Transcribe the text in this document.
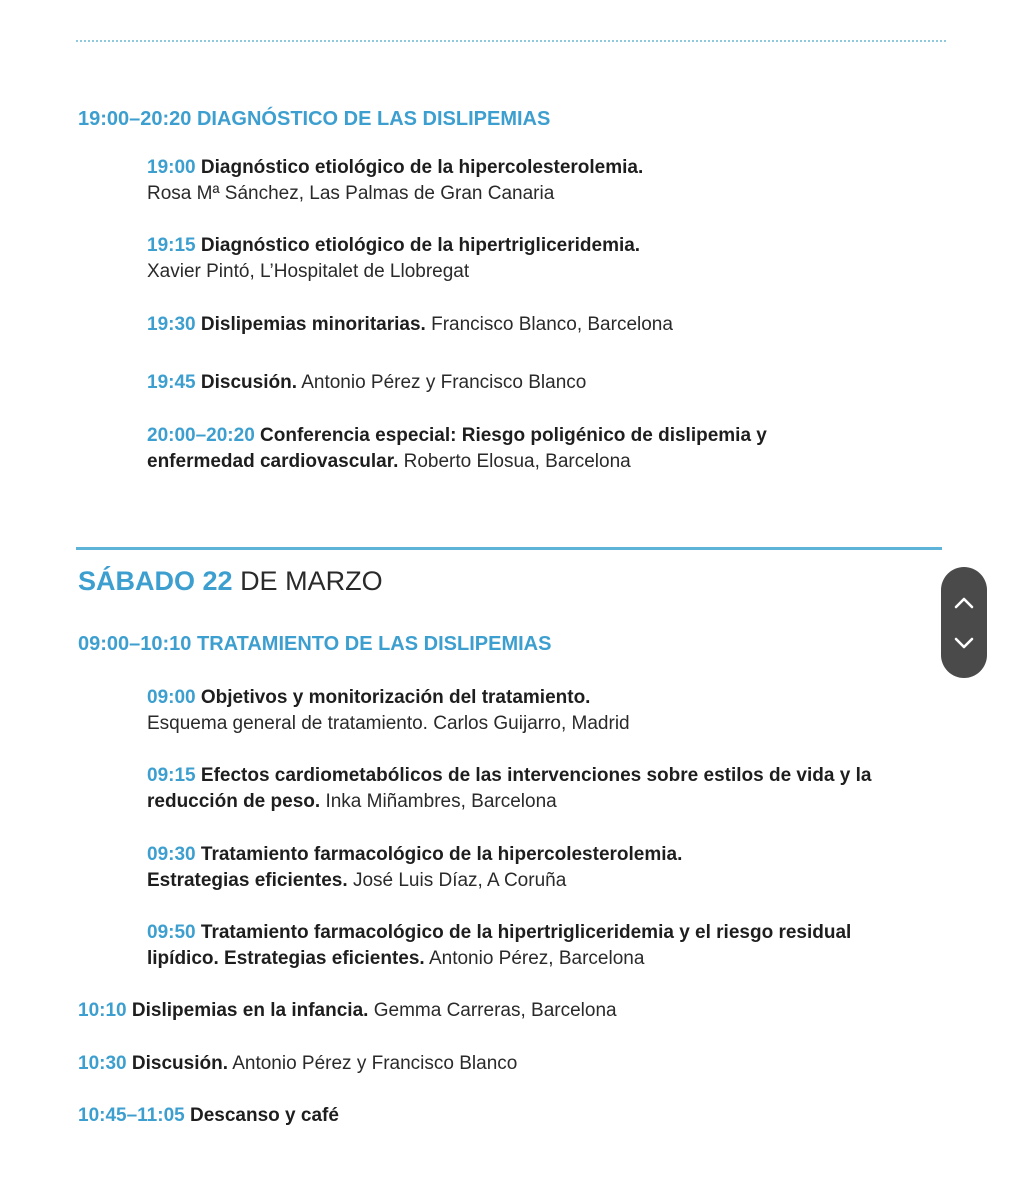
19:00–20:20 DIAGNÓSTICO DE LAS DISLIPEMIAS
19:00 Diagnóstico etiológico de la hipercolesterolemia.
Rosa Mª Sánchez, Las Palmas de Gran Canaria
19:15 Diagnóstico etiológico de la hipertrigliceridemia.
Xavier Pintó, L’Hospitalet de Llobregat
19:30 Dislipemias minoritarias. Francisco Blanco, Barcelona
19:45 Discusión. Antonio Pérez y Francisco Blanco
20:00–20:20 Conferencia especial: Riesgo poligénico de dislipemia y
enfermedad cardiovascular. Roberto Elosua, Barcelona
SÁBADO 22 DE MARZO
09:00–10:10 TRATAMIENTO DE LAS DISLIPEMIAS
09:00 Objetivos y monitorización del tratamiento.
Esquema general de tratamiento. Carlos Guijarro, Madrid
09:15 Efectos cardiometabólicos de las intervenciones sobre estilos de vida y la
reducción de peso. Inka Miñambres, Barcelona
09:30 Tratamiento farmacológico de la hipercolesterolemia.
Estrategias eficientes. José Luis Díaz, A Coruña
09:50 Tratamiento farmacológico de la hipertrigliceridemia y el riesgo residual
lipídico. Estrategias eficientes. Antonio Pérez, Barcelona
10:10 Dislipemias en la infancia. Gemma Carreras, Barcelona
10:30 Discusión. Antonio Pérez y Francisco Blanco
10:45–11:05 Descanso y café
